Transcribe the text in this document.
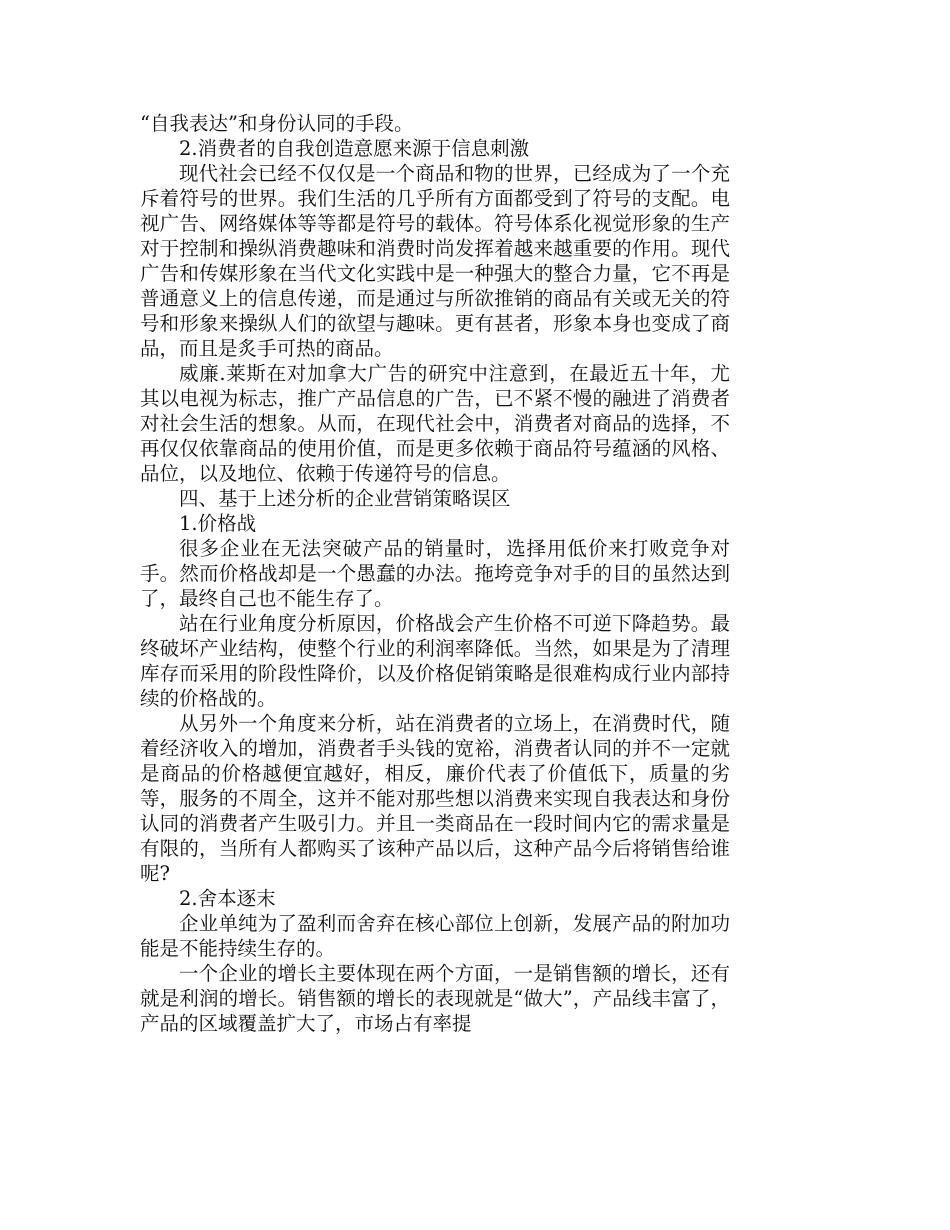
“自我表达”和身份认同的手段。

2.消费者的自我创造意愿来源于信息刺激

现代社会已经不仅仅是一个商品和物的世界，已经成为了一个充斥着符号的世界。我们生活的几乎所有方面都受到了符号的支配。电视广告、网络媒体等等都是符号的载体。符号体系化视觉形象的生产对于控制和操纵消费趣味和消费时尚发挥着越来越重要的作用。现代广告和传媒形象在当代文化实践中是一种强大的整合力量，它不再是普通意义上的信息传递，而是通过与所欲推销的商品有关或无关的符号和形象来操纵人们的欲望与趣味。更有甚者，形象本身也变成了商品，而且是炙手可热的商品。

威廉.莱斯在对加拿大广告的研究中注意到，在最近五十年，尤其以电视为标志，推广产品信息的广告，已不紧不慢的融进了消费者对社会生活的想象。从而，在现代社会中，消费者对商品的选择，不再仅仅依靠商品的使用价值，而是更多依赖于商品符号蕴涵的风格、品位，以及地位、依赖于传递符号的信息。

四、基于上述分析的企业营销策略误区

1.价格战

很多企业在无法突破产品的销量时，选择用低价来打败竞争对手。然而价格战却是一个愚蠢的办法。拖垮竞争对手的目的虽然达到了，最终自己也不能生存了。

站在行业角度分析原因，价格战会产生价格不可逆下降趋势。最终破坏产业结构，使整个行业的利润率降低。当然，如果是为了清理库存而采用的阶段性降价，以及价格促销策略是很难构成行业内部持续的价格战的。

从另外一个角度来分析，站在消费者的立场上，在消费时代，随着经济收入的增加，消费者手头钱的宽裕，消费者认同的并不一定就是商品的价格越便宜越好，相反，廉价代表了价值低下，质量的劣等，服务的不周全，这并不能对那些想以消费来实现自我表达和身份认同的消费者产生吸引力。并且一类商品在一段时间内它的需求量是有限的，当所有人都购买了该种产品以后，这种产品今后将销售给谁呢?

2.舍本逐末

企业单纯为了盈利而舍弃在核心部位上创新，发展产品的附加功能是不能持续生存的。

一个企业的增长主要体现在两个方面，一是销售额的增长，还有就是利润的增长。销售额的增长的表现就是“做大”，产品线丰富了，产品的区域覆盖扩大了，市场占有率提
